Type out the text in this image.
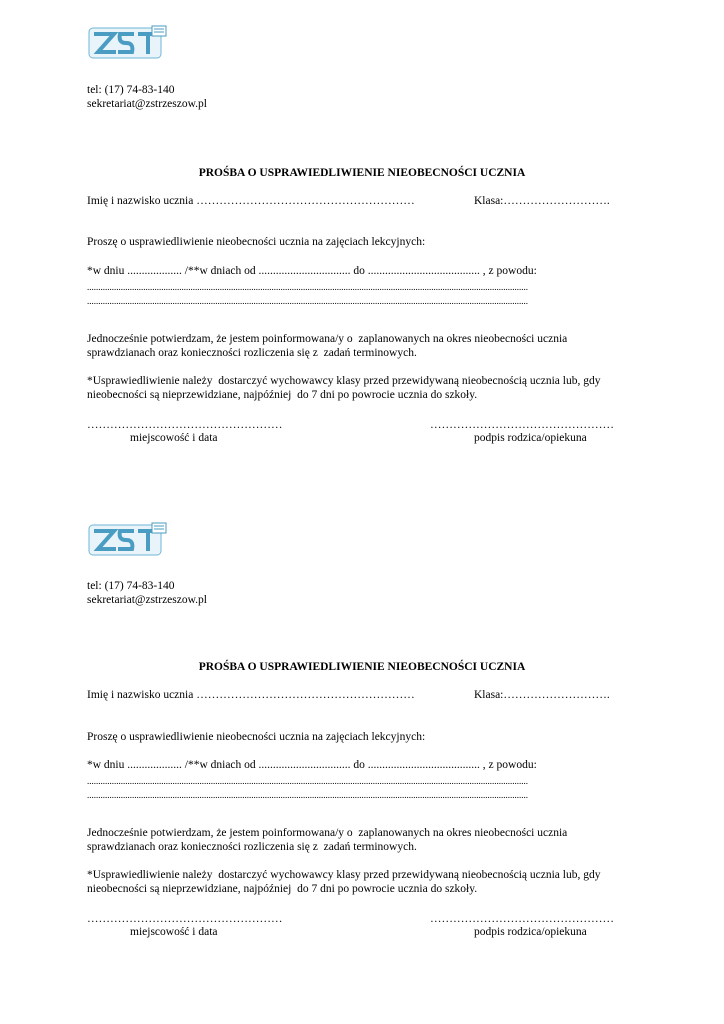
tel: (17) 74-83-140
sekretariat@zstrzeszow.pl
PROŚBA O USPRAWIEDLIWIENIE NIEOBECNOŚCI UCZNIA
Imię i nazwisko ucznia …………………………………………………	Klasa:……………………….
Proszę o usprawiedliwienie nieobecności ucznia na zajęciach lekcyjnych:
*w dniu ................... /**w dniach od ................................ do ....................................... , z powodu:
....................................................................................................................................................................................................
....................................................................................................................................................................................................
Jednocześnie potwierdzam, że jestem poinformowana/y o  zaplanowanych na okres nieobecności ucznia
sprawdzianach oraz konieczności rozliczenia się z  zadań terminowych.
*Usprawiedliwienie należy  dostarczyć wychowawcy klasy przed przewidywaną nieobecnością ucznia lub, gdy
nieobecności są nieprzewidziane, najpóźniej  do 7 dni po powrocie ucznia do szkoły.
……………………………………………	…………………………………………
miejscowość i data	podpis rodzica/opiekuna
tel: (17) 74-83-140
sekretariat@zstrzeszow.pl
PROŚBA O USPRAWIEDLIWIENIE NIEOBECNOŚCI UCZNIA
Imię i nazwisko ucznia …………………………………………………	Klasa:……………………….
Proszę o usprawiedliwienie nieobecności ucznia na zajęciach lekcyjnych:
*w dniu ................... /**w dniach od ................................ do ....................................... , z powodu:
....................................................................................................................................................................................................
....................................................................................................................................................................................................
Jednocześnie potwierdzam, że jestem poinformowana/y o  zaplanowanych na okres nieobecności ucznia
sprawdzianach oraz konieczności rozliczenia się z  zadań terminowych.
*Usprawiedliwienie należy  dostarczyć wychowawcy klasy przed przewidywaną nieobecnością ucznia lub, gdy
nieobecności są nieprzewidziane, najpóźniej  do 7 dni po powrocie ucznia do szkoły.
……………………………………………	…………………………………………
miejscowość i data	podpis rodzica/opiekuna
